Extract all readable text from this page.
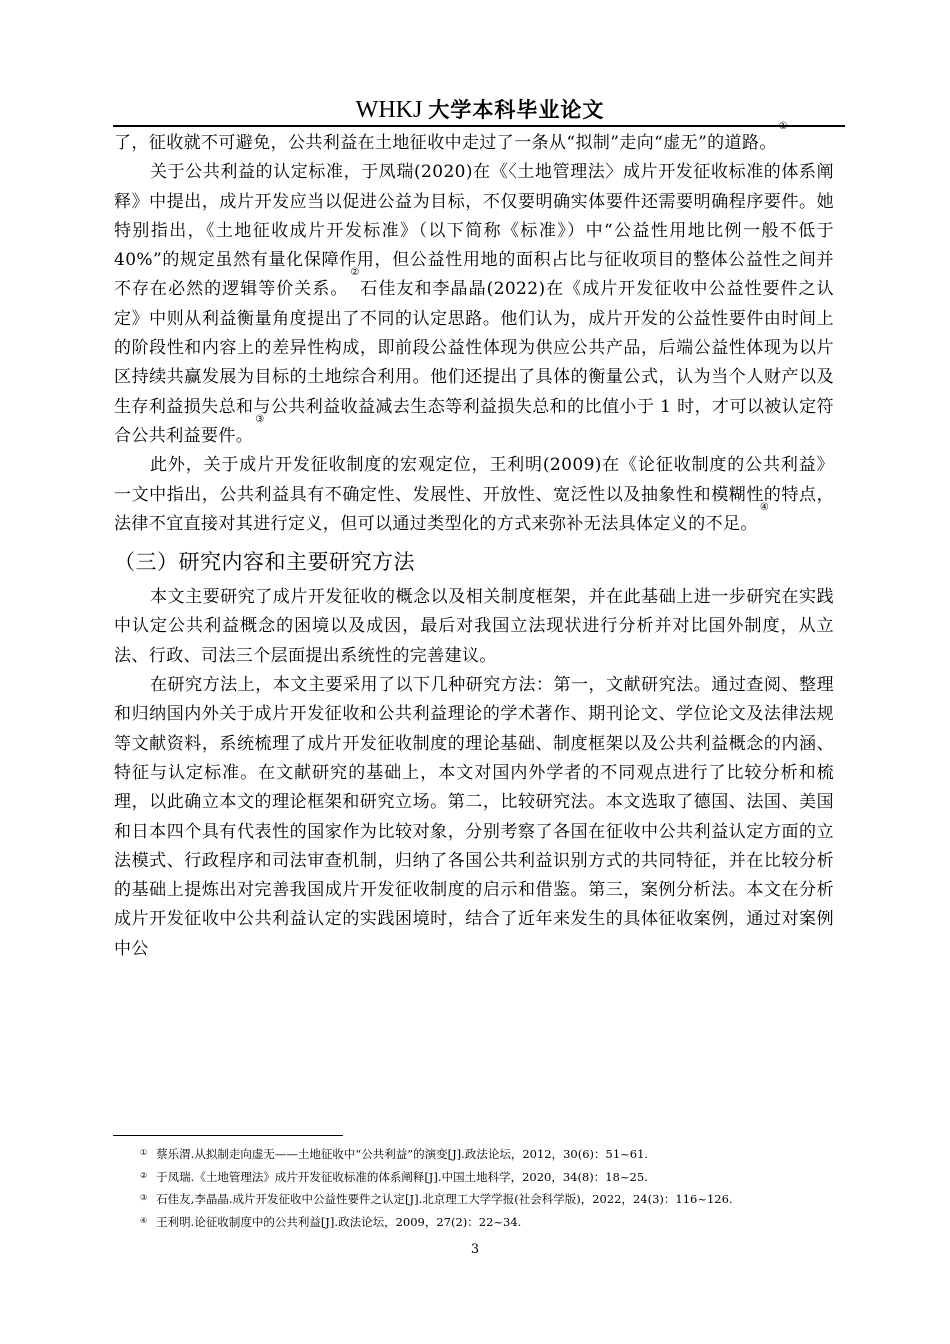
WHKJ 大学本科毕业论文

了，征收就不可避免，公共利益在土地征收中走过了一条从“拟制”走向“虚无”的道路。①

关于公共利益的认定标准，于凤瑞(2020)在《〈土地管理法〉成片开发征收标准的体系阐释》中提出，成片开发应当以促进公益为目标，不仅要明确实体要件还需要明确程序要件。她特别指出，《土地征收成片开发标准》（以下简称《标准》）中“公益性用地比例一般不低于 40%”的规定虽然有量化保障作用，但公益性用地的面积占比与征收项目的整体公益性之间并不存在必然的逻辑等价关系。②石佳友和李晶晶(2022)在《成片开发征收中公益性要件之认定》中则从利益衡量角度提出了不同的认定思路。他们认为，成片开发的公益性要件由时间上的阶段性和内容上的差异性构成，即前段公益性体现为供应公共产品，后端公益性体现为以片区持续共赢发展为目标的土地综合利用。他们还提出了具体的衡量公式，认为当个人财产以及生存利益损失总和与公共利益收益减去生态等利益损失总和的比值小于 1 时，才可以被认定符合公共利益要件。③

此外，关于成片开发征收制度的宏观定位，王利明(2009)在《论征收制度的公共利益》一文中指出，公共利益具有不确定性、发展性、开放性、宽泛性以及抽象性和模糊性的特点，法律不宜直接对其进行定义，但可以通过类型化的方式来弥补无法具体定义的不足。④

（三）研究内容和主要研究方法

本文主要研究了成片开发征收的概念以及相关制度框架，并在此基础上进一步研究在实践中认定公共利益概念的困境以及成因，最后对我国立法现状进行分析并对比国外制度，从立法、行政、司法三个层面提出系统性的完善建议。

在研究方法上，本文主要采用了以下几种研究方法：第一，文献研究法。通过查阅、整理和归纳国内外关于成片开发征收和公共利益理论的学术著作、期刊论文、学位论文及法律法规等文献资料，系统梳理了成片开发征收制度的理论基础、制度框架以及公共利益概念的内涵、特征与认定标准。在文献研究的基础上，本文对国内外学者的不同观点进行了比较分析和梳理，以此确立本文的理论框架和研究立场。第二，比较研究法。本文选取了德国、法国、美国和日本四个具有代表性的国家作为比较对象，分别考察了各国在征收中公共利益认定方面的立法模式、行政程序和司法审查机制，归纳了各国公共利益识别方式的共同特征，并在比较分析的基础上提炼出对完善我国成片开发征收制度的启示和借鉴。第三，案例分析法。本文在分析成片开发征收中公共利益认定的实践困境时，结合了近年来发生的具体征收案例，通过对案例中公

① 蔡乐渭.从拟制走向虚无——土地征收中“公共利益”的演变[J].政法论坛，2012，30(6)：51~61.
② 于凤瑞.《土地管理法》成片开发征收标准的体系阐释[J].中国土地科学，2020，34(8)：18~25.
③ 石佳友,李晶晶.成片开发征收中公益性要件之认定[J].北京理工大学学报(社会科学版)，2022，24(3)：116~126.
④ 王利明.论征收制度中的公共利益[J].政法论坛，2009，27(2)：22~34.
3
